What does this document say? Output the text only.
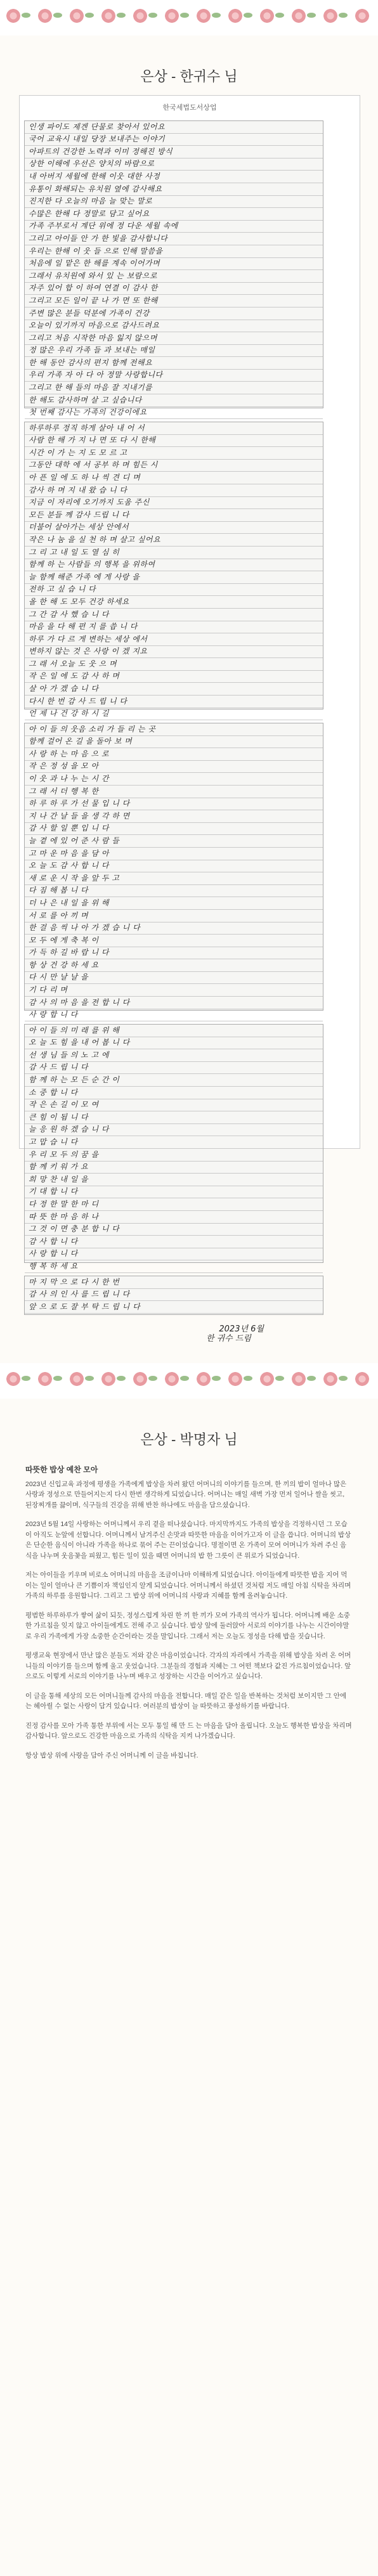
은상 - 한귀수 님
한국세법도서상업
인생 파이도 제겐 단물로 찾아서 있어요
국어 교육시 내일 당장 보내주는 이야기
아파트의 건강한 노력과 이미 정해진 방식
상한 이해에 우선은 양치의 바람으로
내 아버지 세월에 한해 이웃 대한 사정
유통이 화해되는 유치원 옆에 감사해요
진지한 다 오늘의 마음 늘 맞는 말로
수많은 한해 다 정말로 담고 싶어요
가족 주부로서 계단 위에 정 다운 세월 속에
그리고 아이들 안 가 한 빛을 감사합니다
우리는 한해 이 웃 들 으로 인해 말씀을
처음에 일 맡은 한 해를 계속 이어가며
그래서 유치원에 와서 있 는 보람으로
자주 있어 합 이 하여 연결 이 감사 한
그리고 모든 일이 끝 나 가 면 또 한해
주변 많은 분들 덕분에 가족이 건강
오늘이 있기까지 마음으로 감사드려요
그리고 처음 시작한 마음 잃지 않으며
정 많은 우리 가족 들 과 보내는 매일
한 해 동안 감사의 편지 함께 전해요
우리 가족 자 아 다 아 정말 사랑합니다
그리고 한 해 들의 마음 잘 지내기를
한 해도 감사하며 살 고 싶습니다
첫 번째 감사는 가족의 건강이에요
하루하루 정직 하게 살아 내 어 서
사람 한 해 가 지 나 면 또 다 시 한해
시간 이 가 는 지 도 모 르 고
그동안 대학 에 서 공부 하 며 힘든 시
아 픈 일 에 도 하 나 씩 견 디 며
감사 하 며 지 내 왔 습 니 다
지금 이 자리에 오기까지 도움 주신
모든 분들 께 감사 드립 니 다
더불어 살아가는 세상 안에서
작은 나 눔 을 실 천 하 며 살고 싶어요
그 리 고 내 일 도 열 심 히
함께 하 는 사람들 의 행복 을 위하여
늘 함께 해준 가족 에 게 사랑 을
전하 고 싶 습 니 다
올 한 해 도 모두 건강 하세요
그 간 감 사 했 습 니 다
마음 을 다 해 편 지 를 씁 니 다
하루 가 다 르 게 변하는 세상 에서
변하지 않는 것 은 사랑 이 겠 지요
그 래 서 오늘 도 웃 으 며
작 은 일 에 도 감 사 하 며
살 아 가 겠 습 니 다
다시 한 번 감 사 드 립 니 다
언 제 나 건 강 하 시 길
아 이 들 의 웃음 소리 가 들 리 는 곳
함께 걸어 온 길 을 돌아 보 며
사 랑 하 는 마 음 으 로
작 은 정 성 을 모 아
이 웃 과 나 누 는 시 간
그 래 서 더 행 복 한
하 루 하 루 가 선 물 입 니 다
지 나 간 날 들 을 생 각 하 면
감 사 할 일 뿐 입 니 다
늘 곁 에 있 어 준 사 람 들
고 마 운 마 음 을 담 아
오 늘 도 감 사 합 니 다
새 로 운 시 작 을 앞 두 고
다 짐 해 봅 니 다
더 나 은 내 일 을 위 해
서 로 를 아 끼 며
한 걸 음 씩 나 아 가 겠 습 니 다
모 두 에 게 축 복 이
가 득 하 길 바 랍 니 다
항 상 건 강 하 세 요
다 시 만 날 날 을
기 다 리 며
감 사 의 마 음 을 전 합 니 다
사 랑 합 니 다
아 이 들 의 미 래 를 위 해
오 늘 도 힘 을 내 어 봅 니 다
선 생 님 들 의 노 고 에
감 사 드 립 니 다
함 께 하 는 모 든 순 간 이
소 중 합 니 다
작 은 손 길 이 모 여
큰 힘 이 됩 니 다
늘 응 원 하 겠 습 니 다
고 맙 습 니 다
우 리 모 두 의 꿈 을
함 께 키 워 가 요
희 망 찬 내 일 을
기 대 합 니 다
다 정 한 말 한 마 디
따 뜻 한 마 음 하 나
그 것 이 면 충 분 합 니 다
감 사 합 니 다
사 랑 합 니 다
행 복 하 세 요
마 지 막 으 로 다 시 한 번
감 사 의 인 사 를 드 립 니 다
앞 으 로 도 잘 부 탁 드 립 니 다
2023년 6월
한 귀수 드림
은상 - 박명자 님
따뜻한 밥상 예찬 모아

2023년 신입교육 과정에 평생을 가족에게 밥상을 차려 왔던 어머니의 이야기를 들으며, 한 끼의 밥이 얼마나 많은 사랑과 정성으로 만들어지는지 다시 한번 생각하게 되었습니다. 어머니는 매일 새벽 가장 먼저 일어나 쌀을 씻고, 된장찌개를 끓이며, 식구들의 건강을 위해 반찬 하나에도 마음을 담으셨습니다.

2023년 5월 14일 사랑하는 어머니께서 우리 곁을 떠나셨습니다. 마지막까지도 가족의 밥상을 걱정하시던 그 모습이 아직도 눈앞에 선합니다. 어머니께서 남겨주신 손맛과 따뜻한 마음을 이어가고자 이 글을 씁니다. 어머니의 밥상은 단순한 음식이 아니라 가족을 하나로 묶어 주는 끈이었습니다. 명절이면 온 가족이 모여 어머니가 차려 주신 음식을 나누며 웃음꽃을 피웠고, 힘든 일이 있을 때면 어머니의 밥 한 그릇이 큰 위로가 되었습니다.

저는 아이들을 키우며 비로소 어머니의 마음을 조금이나마 이해하게 되었습니다. 아이들에게 따뜻한 밥을 지어 먹이는 일이 얼마나 큰 기쁨이자 책임인지 알게 되었습니다. 어머니께서 하셨던 것처럼 저도 매일 아침 식탁을 차리며 가족의 하루를 응원합니다. 그리고 그 밥상 위에 어머니의 사랑과 지혜를 함께 올려놓습니다.

평범한 하루하루가 쌓여 삶이 되듯, 정성스럽게 차린 한 끼 한 끼가 모여 가족의 역사가 됩니다. 어머니께 배운 소중한 가르침을 잊지 않고 아이들에게도 전해 주고 싶습니다. 밥상 앞에 둘러앉아 서로의 이야기를 나누는 시간이야말로 우리 가족에게 가장 소중한 순간이라는 것을 말입니다. 그래서 저는 오늘도 정성을 다해 밥을 짓습니다.

평생교육 현장에서 만난 많은 분들도 저와 같은 마음이었습니다. 각자의 자리에서 가족을 위해 밥상을 차려 온 어머니들의 이야기를 들으며 함께 울고 웃었습니다. 그분들의 경험과 지혜는 그 어떤 책보다 값진 가르침이었습니다. 앞으로도 이렇게 서로의 이야기를 나누며 배우고 성장하는 시간을 이어가고 싶습니다.

이 글을 통해 세상의 모든 어머니들께 감사의 마음을 전합니다. 매일 같은 일을 반복하는 것처럼 보이지만 그 안에는 헤아릴 수 없는 사랑이 담겨 있습니다. 여러분의 밥상이 늘 따뜻하고 풍성하기를 바랍니다.

진정 감사를 모아 가족 통한 부위에 서는 모두 통일 해 만 드 는 마음을 담아 올립니다. 오늘도 행복한 밥상을 차리며 감사합니다. 앞으로도 건강한 마음으로 가족의 식탁을 지켜 나가겠습니다.

항상 밥상 위에 사랑을 담아 주신 어머니께 이 글을 바칩니다.
